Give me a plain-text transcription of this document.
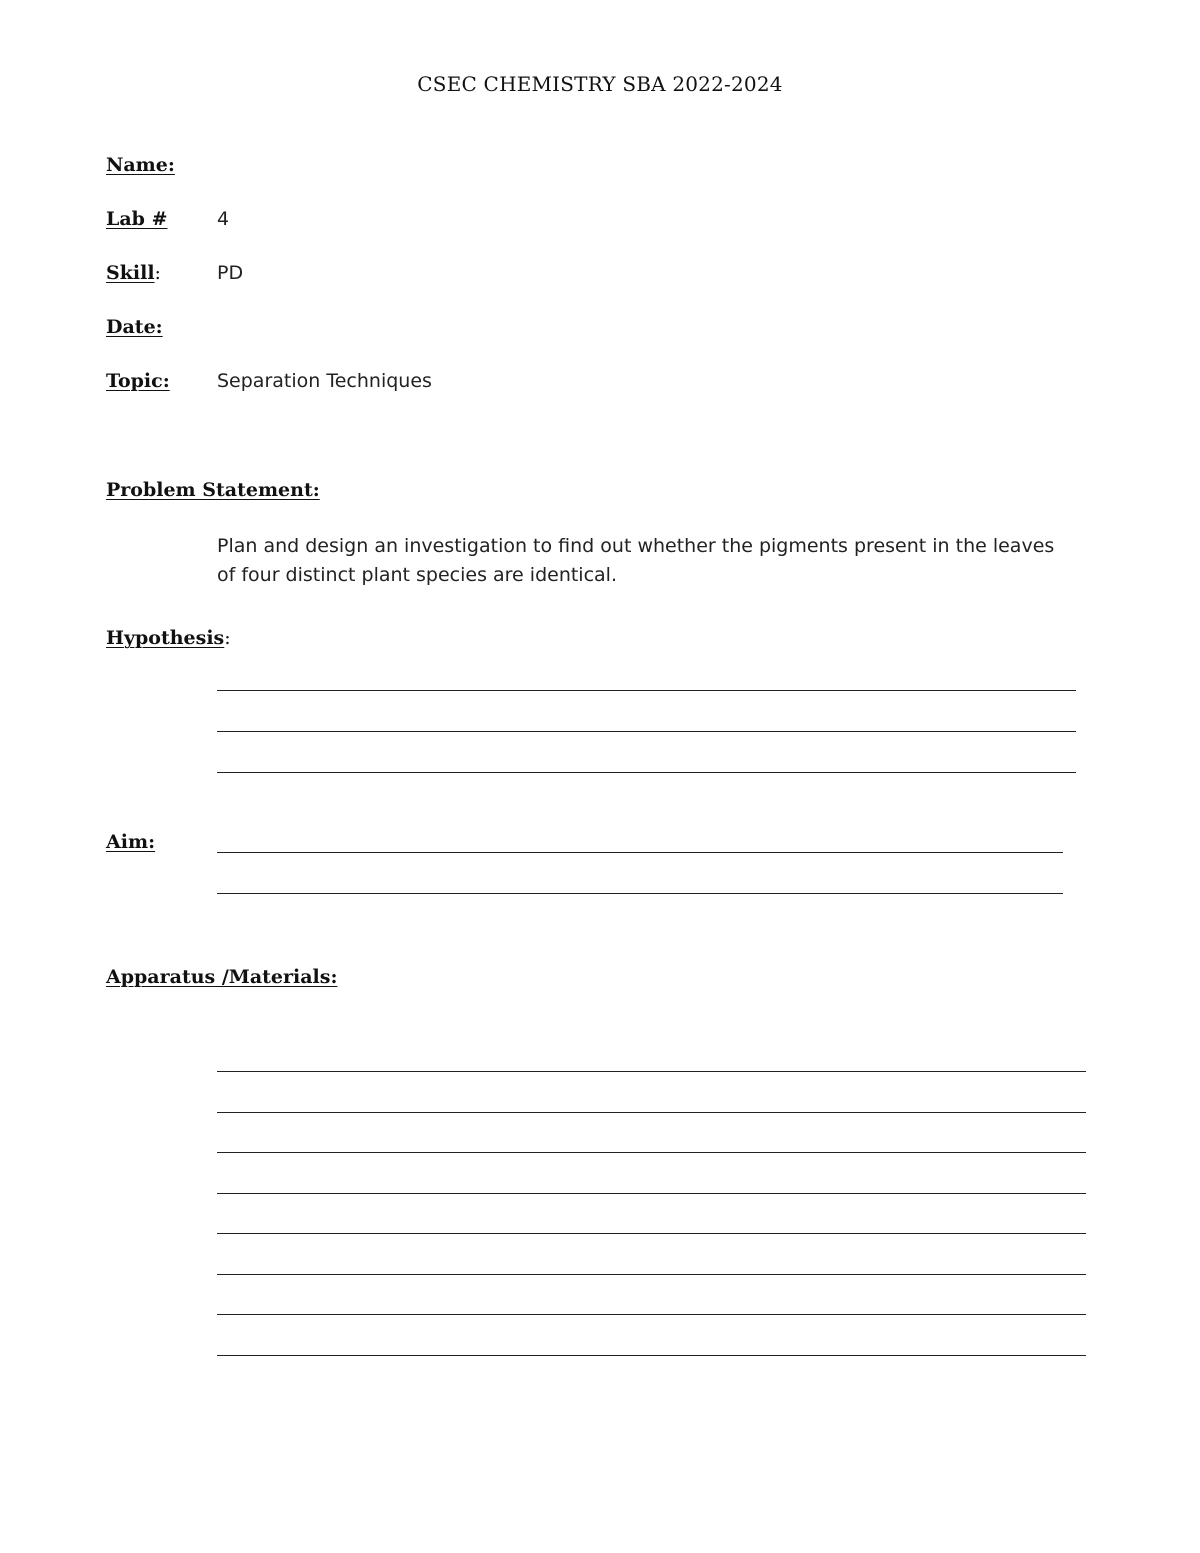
CSEC CHEMISTRY SBA 2022-2024
Name:
Lab #	4
Skill:	PD
Date:
Topic: Separation Techniques
Problem Statement:
Plan and design an investigation to find out whether the pigments present in the leaves of four distinct plant species are identical.
Hypothesis:
Aim:
Apparatus /Materials:
